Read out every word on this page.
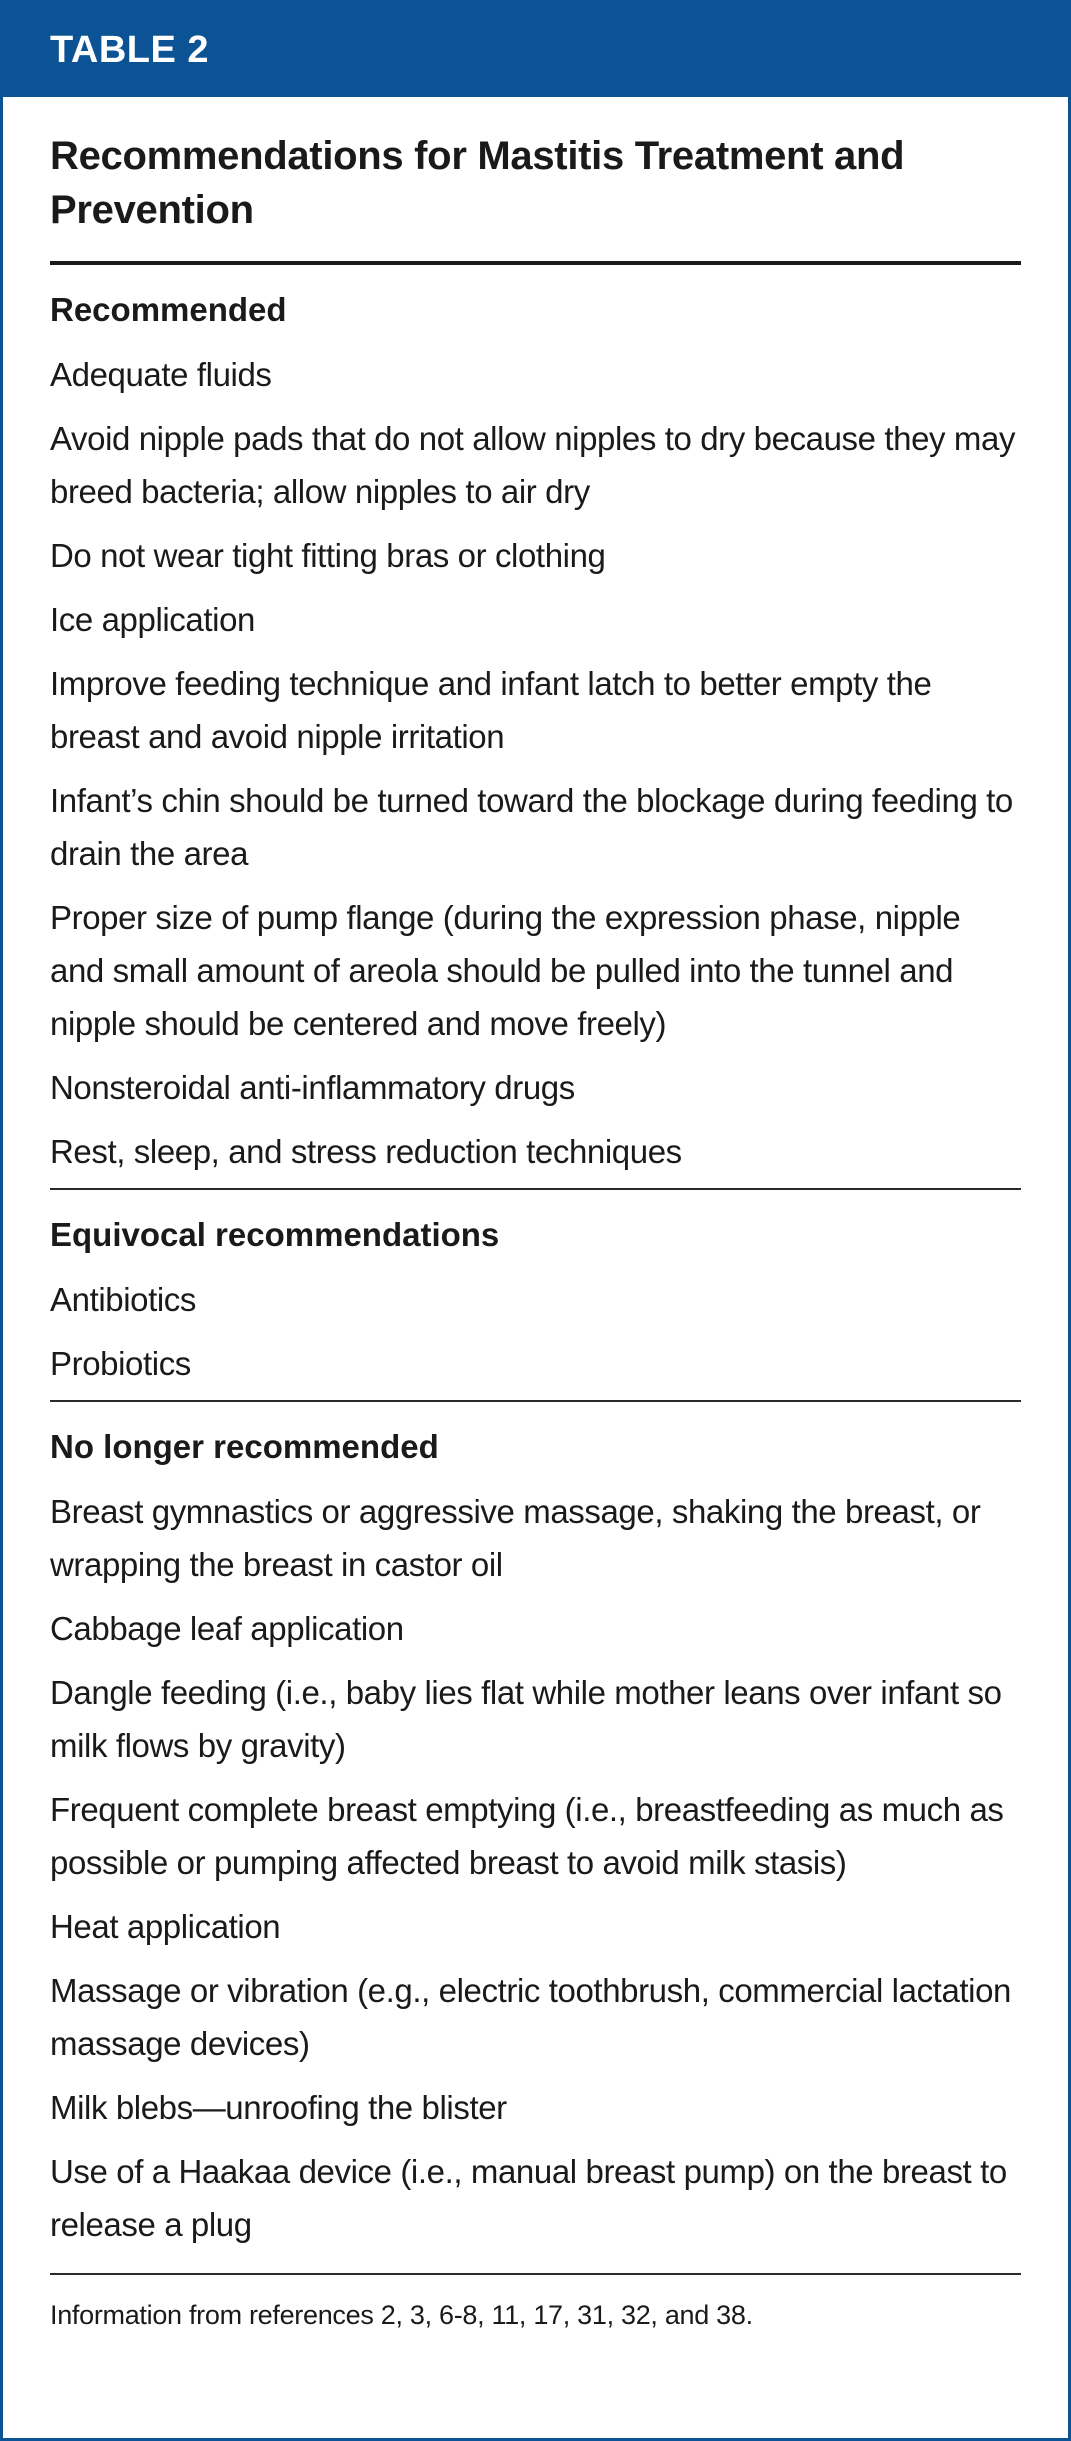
TABLE 2
Recommendations for Mastitis Treatment and Prevention
Recommended
Adequate fluids
Avoid nipple pads that do not allow nipples to dry because they may breed bacteria; allow nipples to air dry
Do not wear tight fitting bras or clothing
Ice application
Improve feeding technique and infant latch to better empty the breast and avoid nipple irritation
Infant’s chin should be turned toward the blockage during feeding to drain the area
Proper size of pump flange (during the expression phase, nipple and small amount of areola should be pulled into the tunnel and nipple should be centered and move freely)
Nonsteroidal anti-inflammatory drugs
Rest, sleep, and stress reduction techniques
Equivocal recommendations
Antibiotics
Probiotics
No longer recommended
Breast gymnastics or aggressive massage, shaking the breast, or wrapping the breast in castor oil
Cabbage leaf application
Dangle feeding (i.e., baby lies flat while mother leans over infant so milk flows by gravity)
Frequent complete breast emptying (i.e., breastfeeding as much as possible or pumping affected breast to avoid milk stasis)
Heat application
Massage or vibration (e.g., electric toothbrush, commercial lactation massage devices)
Milk blebs—unroofing the blister
Use of a Haakaa device (i.e., manual breast pump) on the breast to release a plug
Information from references 2, 3, 6-8, 11, 17, 31, 32, and 38.
